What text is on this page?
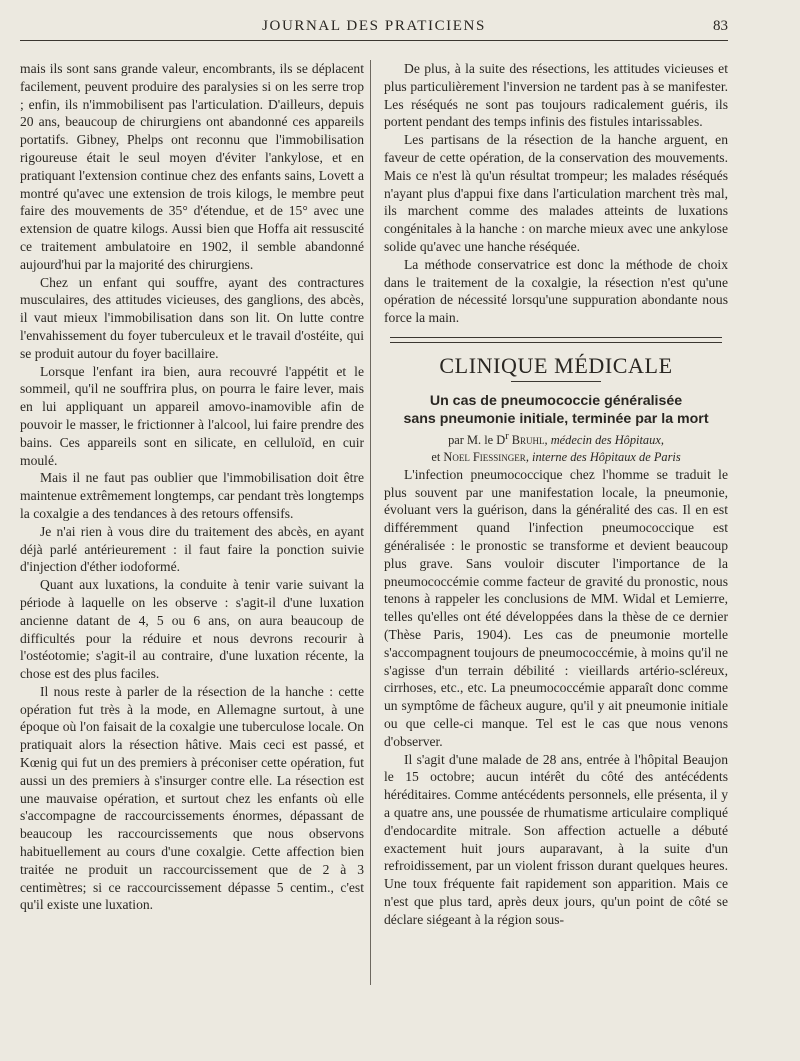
JOURNAL DES PRATICIENS	83

mais ils sont sans grande valeur, encombrants, ils se déplacent facilement, peuvent produire des paralysies si on les serre trop ; enfin, ils n'immobilisent pas l'articulation. D'ailleurs, depuis 20 ans, beaucoup de chirurgiens ont abandonné ces appareils portatifs. Gibney, Phelps ont reconnu que l'immobilisation rigoureuse était le seul moyen d'éviter l'ankylose, et en pratiquant l'extension continue chez des enfants sains, Lovett a montré qu'avec une extension de trois kilogs, le membre peut faire des mouvements de 35° d'étendue, et de 15° avec une extension de quatre kilogs. Aussi bien que Hoffa ait ressuscité ce traitement ambulatoire en 1902, il semble abandonné aujourd'hui par la majorité des chirurgiens.

Chez un enfant qui souffre, ayant des contractures musculaires, des attitudes vicieuses, des ganglions, des abcès, il vaut mieux l'immobilisation dans son lit. On lutte contre l'envahissement du foyer tuberculeux et le travail d'ostéite, qui se produit autour du foyer bacillaire.

Lorsque l'enfant ira bien, aura recouvré l'appétit et le sommeil, qu'il ne souffrira plus, on pourra le faire lever, mais en lui appliquant un appareil amovo-inamovible afin de pouvoir le masser, le frictionner à l'alcool, lui faire prendre des bains. Ces appareils sont en silicate, en celluloïd, en cuir moulé.

Mais il ne faut pas oublier que l'immobilisation doit être maintenue extrêmement longtemps, car pendant très longtemps la coxalgie a des tendances à des retours offensifs.

Je n'ai rien à vous dire du traitement des abcès, en ayant déjà parlé antérieurement : il faut faire la ponction suivie d'injection d'éther iodoformé.

Quant aux luxations, la conduite à tenir varie suivant la période à laquelle on les observe : s'agit-il d'une luxation ancienne datant de 4, 5 ou 6 ans, on aura beaucoup de difficultés pour la réduire et nous devrons recourir à l'ostéotomie; s'agit-il au contraire, d'une luxation récente, la chose est des plus faciles.

Il nous reste à parler de la résection de la hanche : cette opération fut très à la mode, en Allemagne surtout, à une époque où l'on faisait de la coxalgie une tuberculose locale. On pratiquait alors la résection hâtive. Mais ceci est passé, et Kœnig qui fut un des premiers à préconiser cette opération, fut aussi un des premiers à s'insurger contre elle. La résection est une mauvaise opération, et surtout chez les enfants où elle s'accompagne de raccourcissements énormes, dépassant de beaucoup les raccourcissements que nous observons habituellement au cours d'une coxalgie. Cette affection bien traitée ne produit un raccourcissement que de 2 à 3 centimètres; si ce raccourcissement dépasse 5 centim., c'est qu'il existe une luxation.

De plus, à la suite des résections, les attitudes vicieuses et plus particulièrement l'inversion ne tardent pas à se manifester. Les réséqués ne sont pas toujours radicalement guéris, ils portent pendant des temps infinis des fistules intarissables.

Les partisans de la résection de la hanche arguent, en faveur de cette opération, de la conservation des mouvements. Mais ce n'est là qu'un résultat trompeur; les malades réséqués n'ayant plus d'appui fixe dans l'articulation marchent très mal, ils marchent comme des malades atteints de luxations congénitales à la hanche : on marche mieux avec une ankylose solide qu'avec une hanche réséquée.

La méthode conservatrice est donc la méthode de choix dans le traitement de la coxalgie, la résection n'est qu'une opération de nécessité lorsqu'une suppuration abondante nous force la main.

CLINIQUE MÉDICALE
Un cas de pneumococcie généralisée
sans pneumonie initiale, terminée par la mort
par M. le $D^r$ Bruhl, médecin des Hôpitaux,
et Noel Fiessinger, interne des Hôpitaux de Paris

L'infection pneumococcique chez l'homme se traduit le plus souvent par une manifestation locale, la pneumonie, évoluant vers la guérison, dans la généralité des cas. Il en est différemment quand l'infection pneumococcique est généralisée : le pronostic se transforme et devient beaucoup plus grave. Sans vouloir discuter l'importance de la pneumococcémie comme facteur de gravité du pronostic, nous tenons à rappeler les conclusions de MM. Widal et Lemierre, telles qu'elles ont été développées dans la thèse de ce dernier (Thèse Paris, 1904). Les cas de pneumonie mortelle s'accompagnent toujours de pneumococcémie, à moins qu'il ne s'agisse d'un terrain débilité : vieillards artério-scléreux, cirrhoses, etc., etc. La pneumococcémie apparaît donc comme un symptôme de fâcheux augure, qu'il y ait pneumonie initiale ou que celle-ci manque. Tel est le cas que nous venons d'observer.

Il s'agit d'une malade de 28 ans, entrée à l'hôpital Beaujon le 15 octobre; aucun intérêt du côté des antécédents héréditaires. Comme antécédents personnels, elle présenta, il y a quatre ans, une poussée de rhumatisme articulaire compliqué d'endocardite mitrale. Son affection actuelle a débuté exactement huit jours auparavant, à la suite d'un refroidissement, par un violent frisson durant quelques heures. Une toux fréquente fait rapidement son apparition. Mais ce n'est que plus tard, après deux jours, qu'un point de côté se déclare siégeant à la région sous-
